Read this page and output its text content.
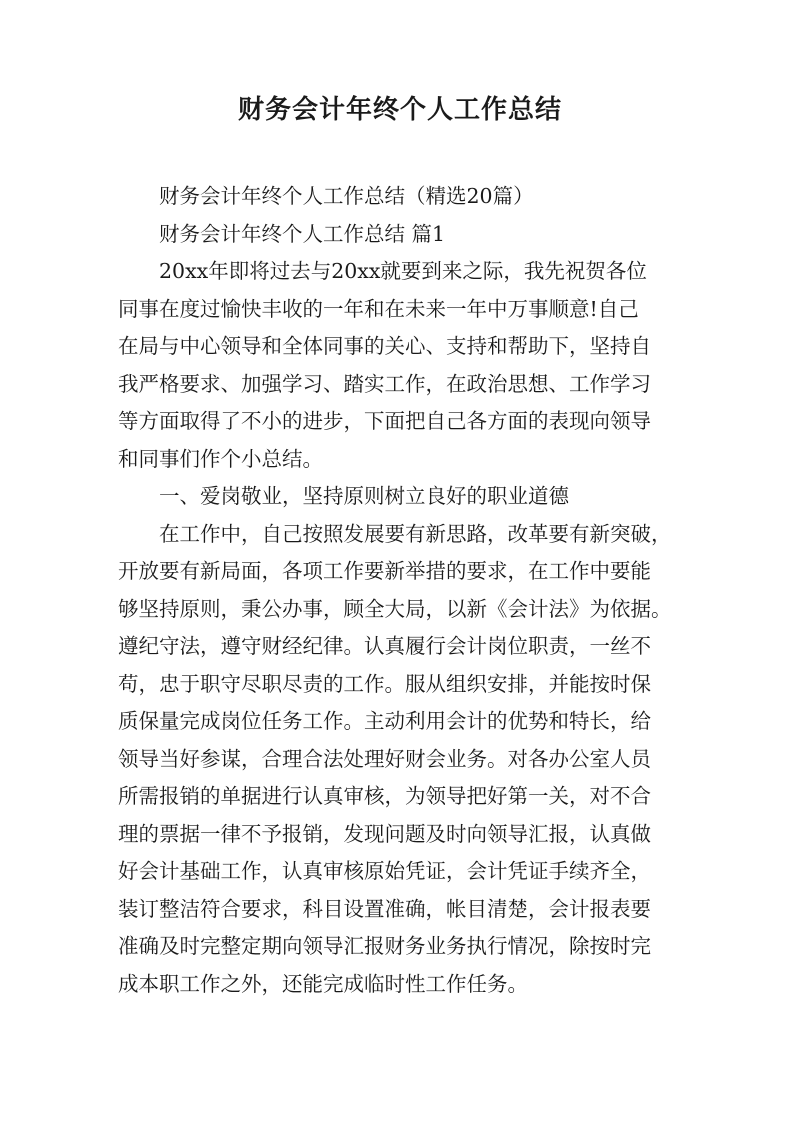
财务会计年终个人工作总结

财务会计年终个人工作总结（精选20篇）

财务会计年终个人工作总结 篇1

20xx年即将过去与20xx就要到来之际，我先祝贺各位
同事在度过愉快丰收的一年和在未来一年中万事顺意!自己
在局与中心领导和全体同事的关心、支持和帮助下，坚持自
我严格要求、加强学习、踏实工作，在政治思想、工作学习
等方面取得了不小的进步，下面把自己各方面的表现向领导
和同事们作个小总结。

一、爱岗敬业，坚持原则树立良好的职业道德

在工作中，自己按照发展要有新思路，改革要有新突破，
开放要有新局面，各项工作要新举措的要求，在工作中要能
够坚持原则，秉公办事，顾全大局，以新《会计法》为依据。
遵纪守法，遵守财经纪律。认真履行会计岗位职责，一丝不
苟，忠于职守尽职尽责的工作。服从组织安排，并能按时保
质保量完成岗位任务工作。主动利用会计的优势和特长，给
领导当好参谋，合理合法处理好财会业务。对各办公室人员
所需报销的单据进行认真审核，为领导把好第一关，对不合
理的票据一律不予报销，发现问题及时向领导汇报，认真做
好会计基础工作，认真审核原始凭证，会计凭证手续齐全，
装订整洁符合要求，科目设置准确，帐目清楚，会计报表要
准确及时完整定期向领导汇报财务业务执行情况，除按时完
成本职工作之外，还能完成临时性工作任务。
